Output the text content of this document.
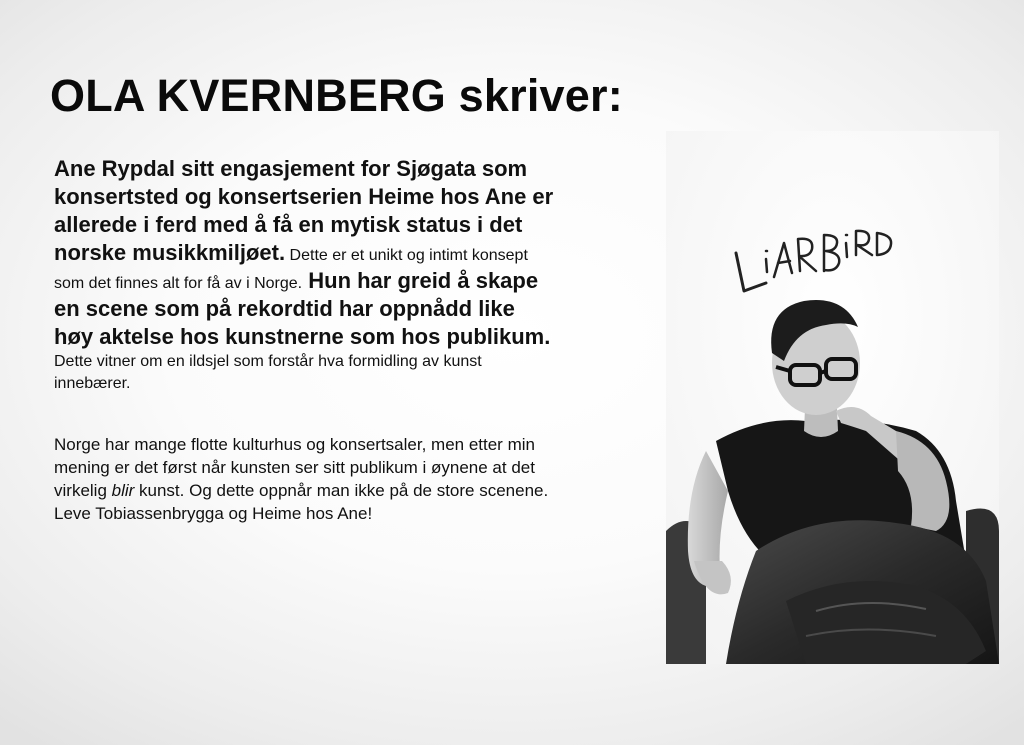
OLA KVERNBERG skriver:

Ane Rypdal sitt engasjement for Sjøgata som konsertsted og konsertserien Heime hos Ane er allerede i ferd med å få en mytisk status i det norske musikkmiljøet. Dette er et unikt og intimt konsept som det finnes alt for få av i Norge. Hun har greid å skape en scene som på rekordtid har oppnådd like høy aktelse hos kunstnerne som hos publikum. Dette vitner om en ildsjel som forstår hva formidling av kunst innebærer.

Norge har mange flotte kulturhus og konsertsaler, men etter min mening er det først når kunsten ser sitt publikum i øynene at det virkelig blir kunst. Og dette oppnår man ikke på de store scenene. Leve Tobiassenbrygga og Heime hos Ane!
